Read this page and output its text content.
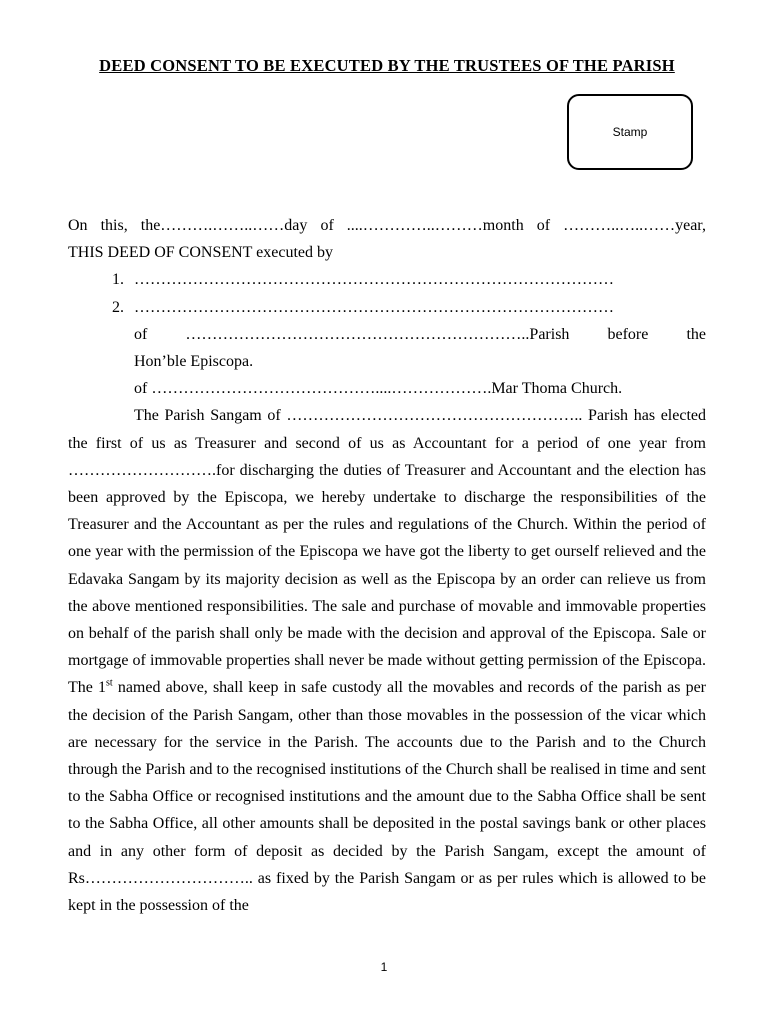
DEED CONSENT TO BE EXECUTED BY THE TRUSTEES OF THE PARISH
Stamp
On this, the……….……..……day of ....…………..………month of ………..…..……year,
THIS DEED OF CONSENT executed by
1. ………………………………………………………………………………
2. ………………………………………………………………………………
of ………………………………………………………..Parish before the
Hon’ble Episcopa.
of ……………………………………....……………….Mar Thoma Church.
The Parish Sangam of ……………………………………………….. Parish has elected the first of us as Treasurer and second of us as Accountant for a period of one year from ……………………….for discharging the duties of Treasurer and Accountant and the election has been approved by the Episcopa, we hereby undertake to discharge the responsibilities of the Treasurer and the Accountant as per the rules and regulations of the Church. Within the period of one year with the permission of the Episcopa we have got the liberty to get ourself relieved and the Edavaka Sangam by its majority decision as well as the Episcopa by an order can relieve us from the above mentioned responsibilities. The sale and purchase of movable and immovable properties on behalf of the parish shall only be made with the decision and approval of the Episcopa. Sale or mortgage of immovable properties shall never be made without getting permission of the Episcopa. The 1st named above, shall keep in safe custody all the movables and records of the parish as per the decision of the Parish Sangam, other than those movables in the possession of the vicar which are necessary for the service in the Parish. The accounts due to the Parish and to the Church through the Parish and to the recognised institutions of the Church shall be realised in time and sent to the Sabha Office or recognised institutions and the amount due to the Sabha Office shall be sent to the Sabha Office, all other amounts shall be deposited in the postal savings bank or other places and in any other form of deposit as decided by the Parish Sangam, except the amount of Rs………………………….. as fixed by the Parish Sangam or as per rules which is allowed to be kept in the possession of the
1
